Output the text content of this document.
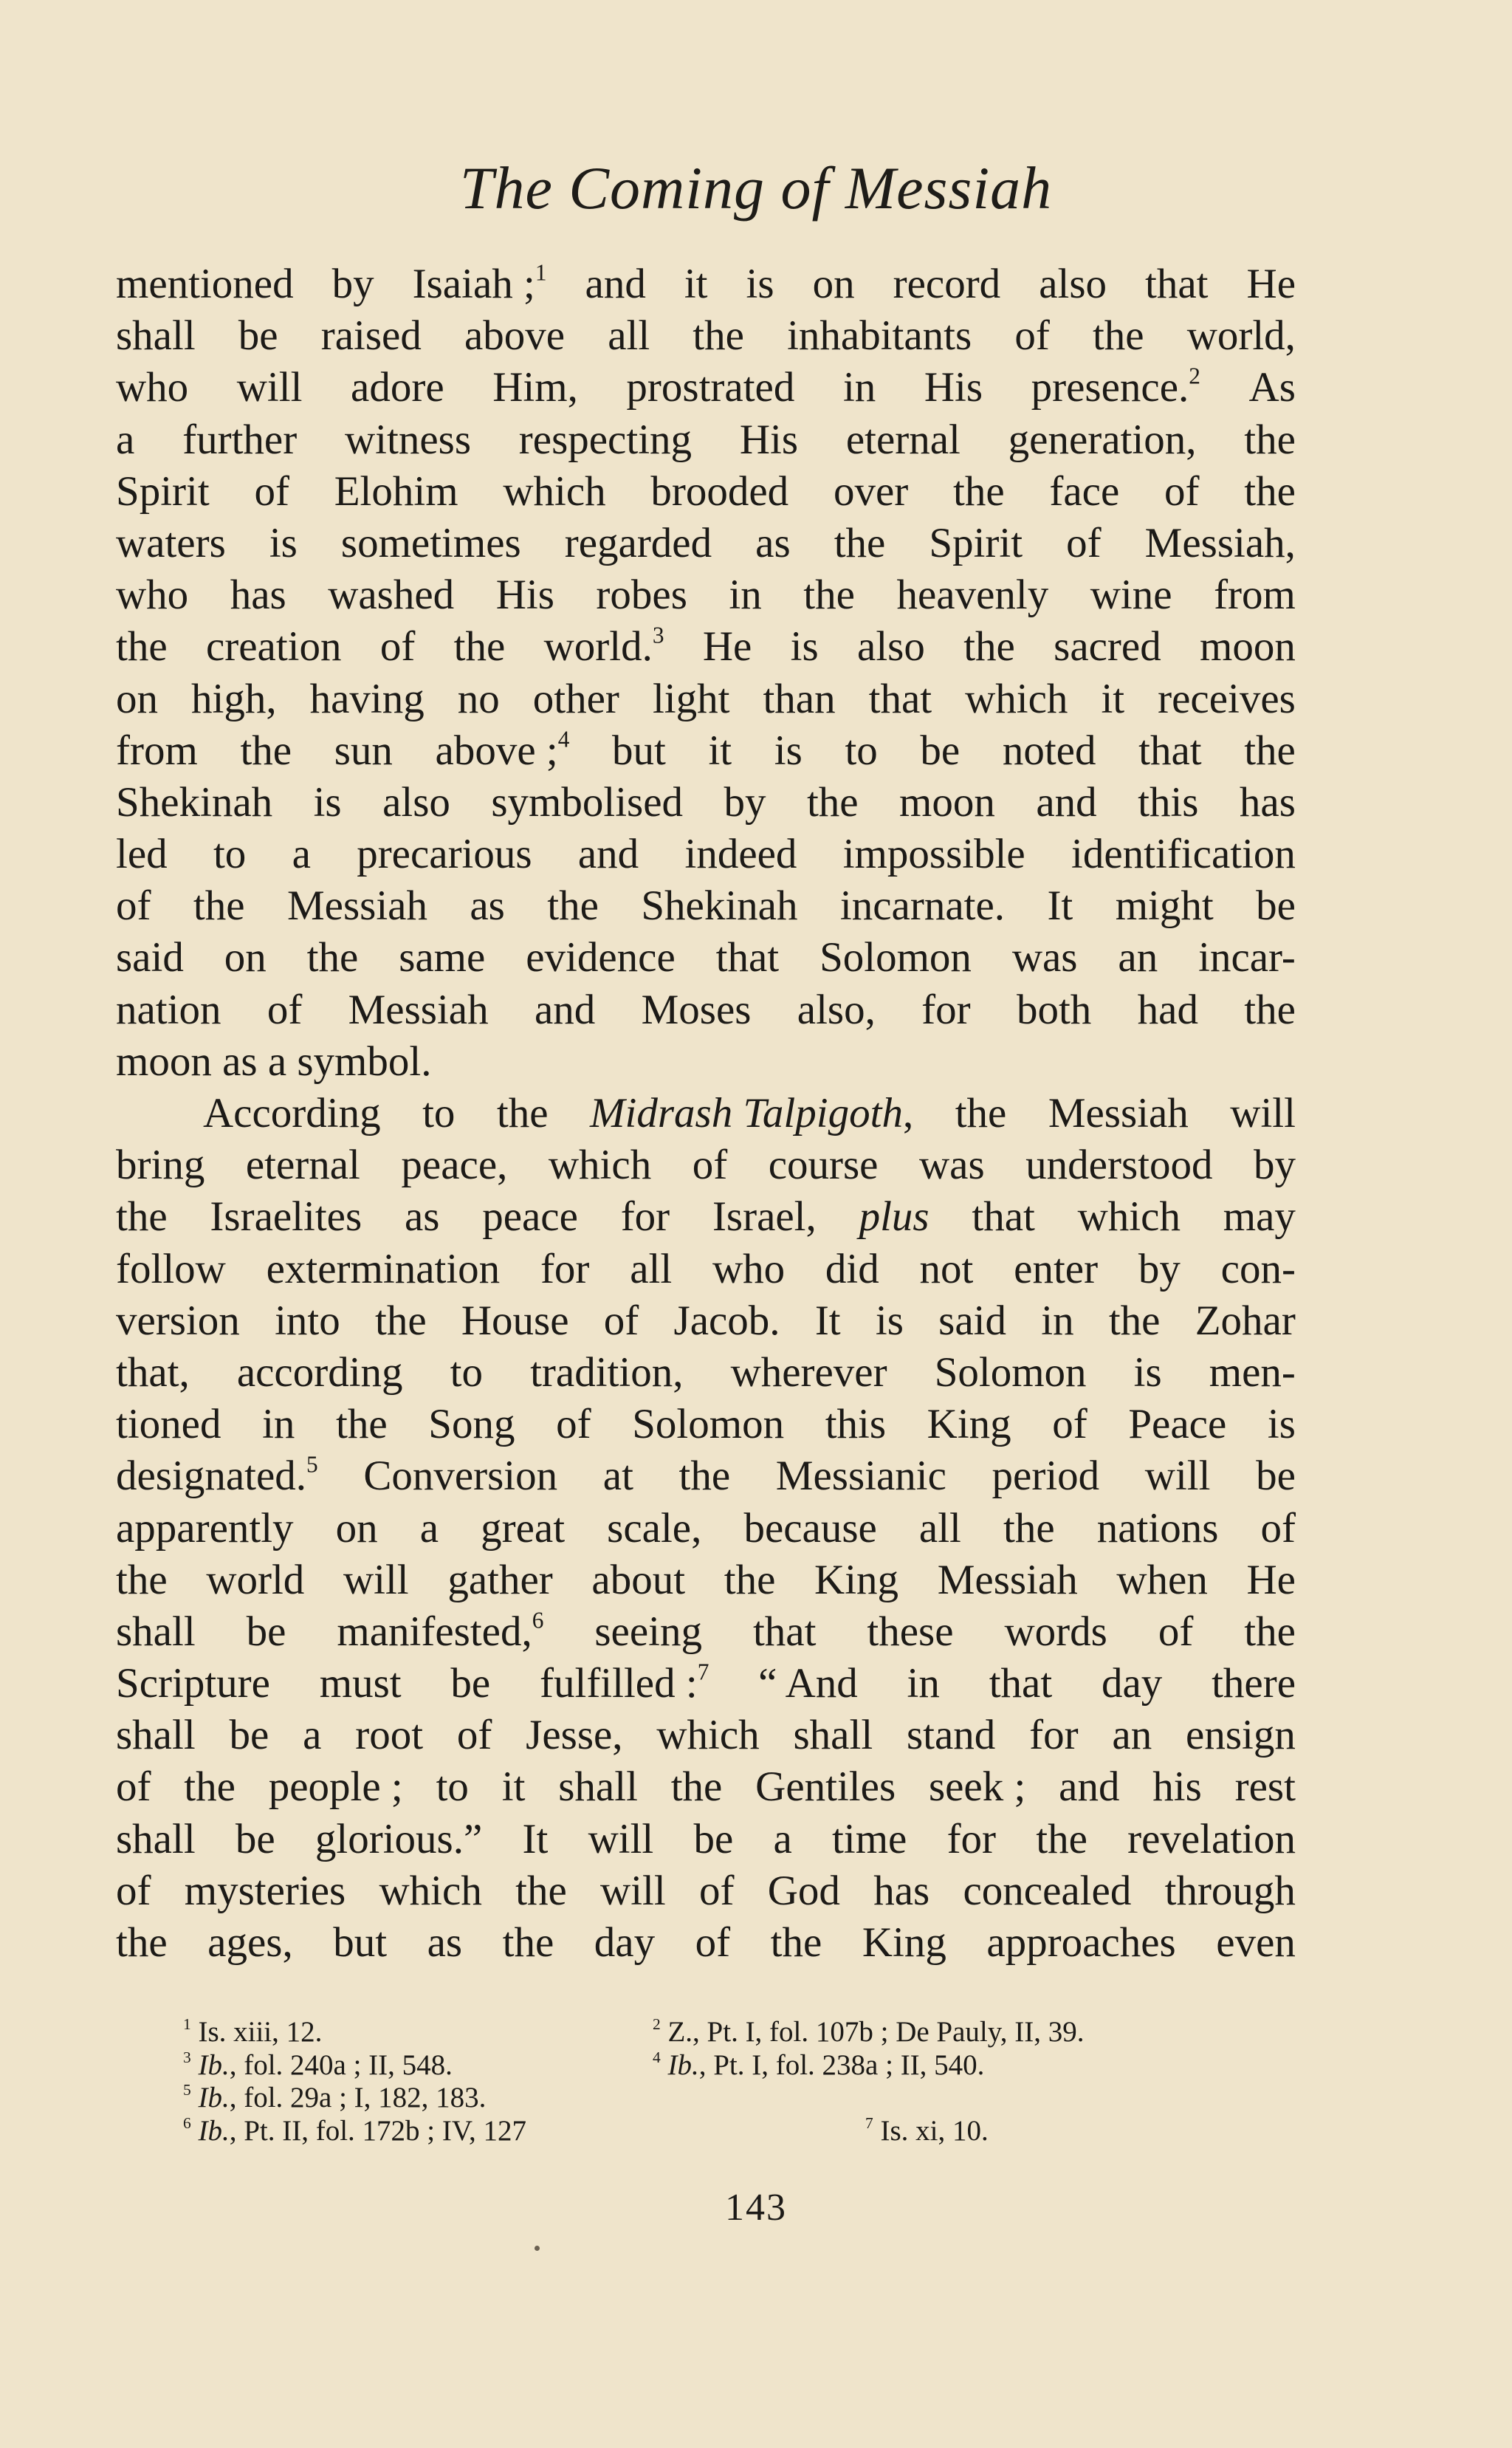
The Coming of Messiah
mentioned by Isaiah ;$^1$ and it is on record also that He
shall be raised above all the inhabitants of the world,
who will adore Him, prostrated in His presence.$^2$ As
a further witness respecting His eternal generation, the
Spirit of Elohim which brooded over the face of the
waters is sometimes regarded as the Spirit of Messiah,
who has washed His robes in the heavenly wine from
the creation of the world.$^3$ He is also the sacred moon
on high, having no other light than that which it receives
from the sun above ;$^4$ but it is to be noted that the
Shekinah is also symbolised by the moon and this has
led to a precarious and indeed impossible identification
of the Messiah as the Shekinah incarnate. It might be
said on the same evidence that Solomon was an incar-
nation of Messiah and Moses also, for both had the
moon as a symbol.
According to the Midrash Talpigoth, the Messiah will
bring eternal peace, which of course was understood by
the Israelites as peace for Israel, plus that which may
follow extermination for all who did not enter by con-
version into the House of Jacob. It is said in the Zohar
that, according to tradition, wherever Solomon is men-
tioned in the Song of Solomon this King of Peace is
designated.$^5$ Conversion at the Messianic period will be
apparently on a great scale, because all the nations of
the world will gather about the King Messiah when He
shall be manifested,$^6$ seeing that these words of the
Scripture must be fulfilled :$^7$ “ And in that day there
shall be a root of Jesse, which shall stand for an ensign
of the people ; to it shall the Gentiles seek ; and his rest
shall be glorious.” It will be a time for the revelation
of mysteries which the will of God has concealed through
the ages, but as the day of the King approaches even
$^1$ Is. xiii, 12.	$^2$ Z., Pt. I, fol. 107b ; De Pauly, II, 39.
$^3$ Ib., fol. 240a ; II, 548.	$^4$ Ib., Pt. I, fol. 238a ; II, 540.
$^5$ Ib., fol. 29a ; I, 182, 183.
$^6$ Ib., Pt. II, fol. 172b ; IV, 127	$^7$ Is. xi, 10.
143
